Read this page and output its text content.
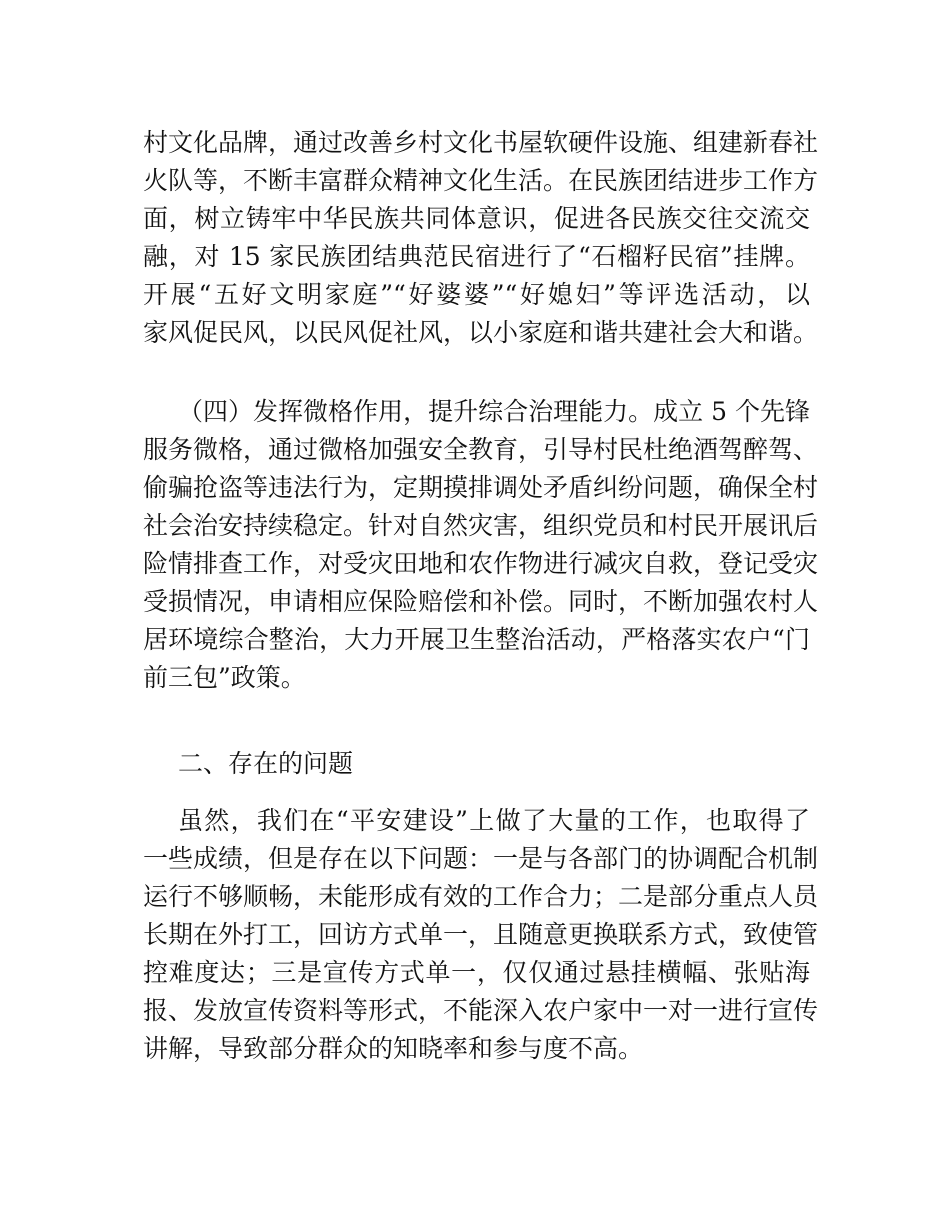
村文化品牌，通过改善乡村文化书屋软硬件设施、组建新春社
火队等，不断丰富群众精神文化生活。在民族团结进步工作方
面，树立铸牢中华民族共同体意识，促进各民族交往交流交
融，对 15 家民族团结典范民宿进行了“石榴籽民宿”挂牌。
开展“五好文明家庭”“好婆婆”“好媳妇”等评选活动，以
家风促民风，以民风促社风，以小家庭和谐共建社会大和谐。
（四）发挥微格作用，提升综合治理能力。成立 5 个先锋
服务微格，通过微格加强安全教育，引导村民杜绝酒驾醉驾、
偷骗抢盗等违法行为，定期摸排调处矛盾纠纷问题，确保全村
社会治安持续稳定。针对自然灾害，组织党员和村民开展讯后
险情排查工作，对受灾田地和农作物进行减灾自救，登记受灾
受损情况，申请相应保险赔偿和补偿。同时，不断加强农村人
居环境综合整治，大力开展卫生整治活动，严格落实农户“门
前三包”政策。
二、存在的问题
虽然，我们在“平安建设”上做了大量的工作，也取得了
一些成绩，但是存在以下问题：一是与各部门的协调配合机制
运行不够顺畅，未能形成有效的工作合力；二是部分重点人员
长期在外打工，回访方式单一，且随意更换联系方式，致使管
控难度达；三是宣传方式单一，仅仅通过悬挂横幅、张贴海
报、发放宣传资料等形式，不能深入农户家中一对一进行宣传
讲解，导致部分群众的知晓率和参与度不高。
